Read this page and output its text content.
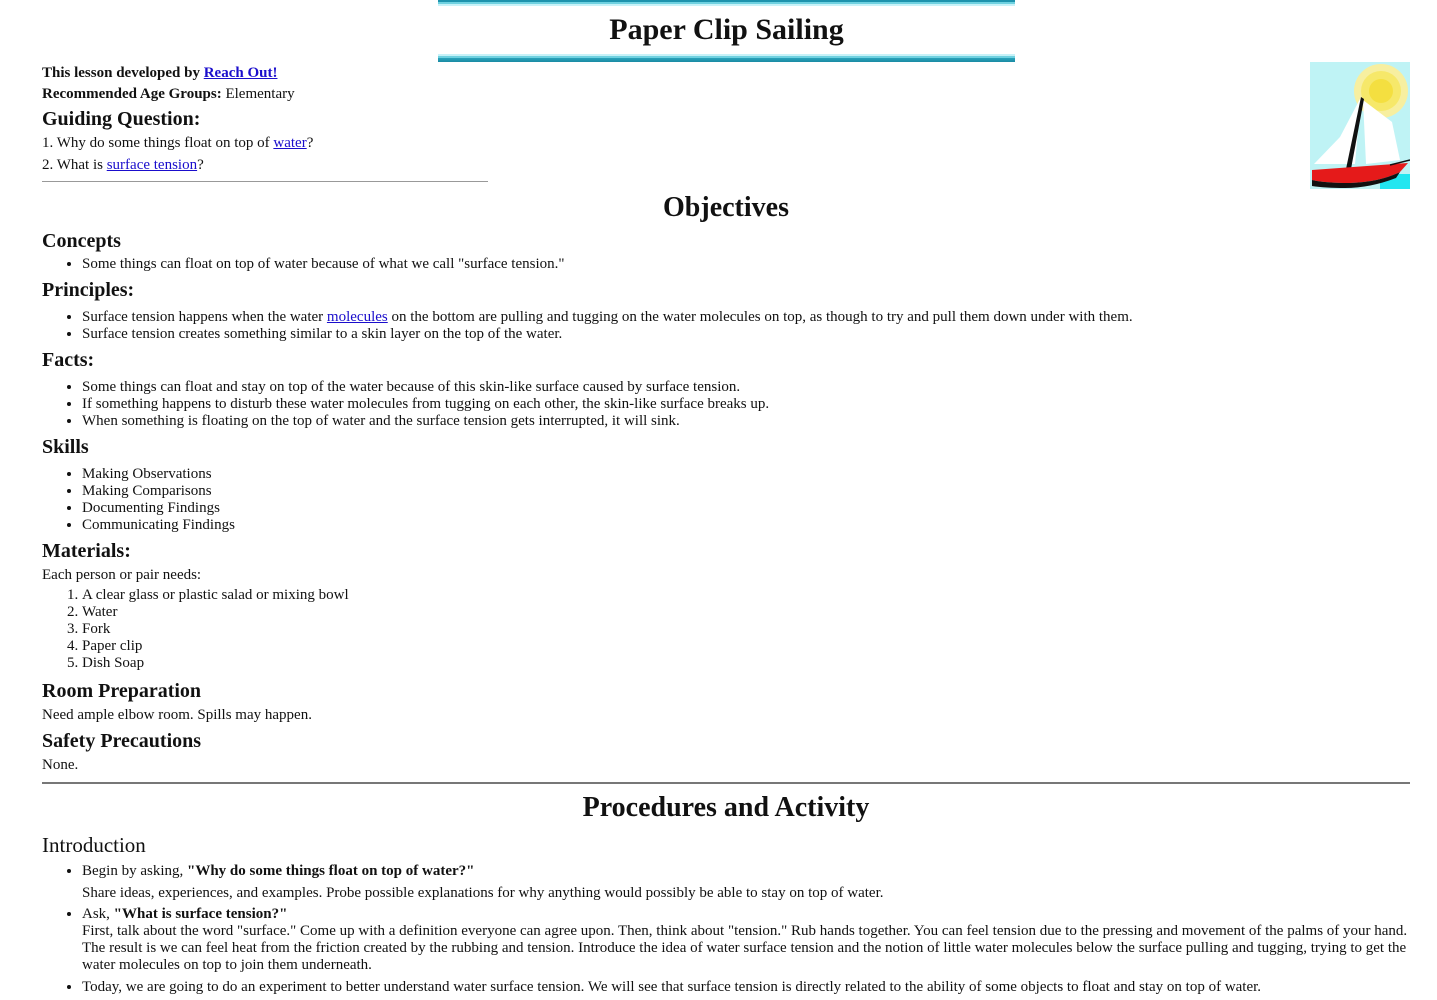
Paper Clip Sailing

This lesson developed by Reach Out!

Recommended Age Groups: Elementary

Guiding Question:

1. Why do some things float on top of water?

2. What is surface tension?

Objectives
Concepts
• Some things can float on top of water because of what we call "surface tension."
Principles:
• Surface tension happens when the water molecules on the bottom are pulling and tugging on the water molecules on top, as though to try and pull them down under with them.
• Surface tension creates something similar to a skin layer on the top of the water.
Facts:
• Some things can float and stay on top of the water because of this skin-like surface caused by surface tension.
• If something happens to disturb these water molecules from tugging on each other, the skin-like surface breaks up.
• When something is floating on the top of water and the surface tension gets interrupted, it will sink.
Skills
• Making Observations
• Making Comparisons
• Documenting Findings
• Communicating Findings
Materials:

Each person or pair needs:

1. A clear glass or plastic salad or mixing bowl
2. Water
3. Fork
4. Paper clip
5. Dish Soap
Room Preparation

Need ample elbow room. Spills may happen.

Safety Precautions

None.

Procedures and Activity
Introduction
• Begin by asking, "Why do some things float on top of water?"
Share ideas, experiences, and examples. Probe possible explanations for why anything would possibly be able to stay on top of water.
• Ask, "What is surface tension?"
First, talk about the word "surface." Come up with a definition everyone can agree upon. Then, think about "tension." Rub hands together. You can feel tension due to the pressing and movement of the palms of your hand. The result is we can feel heat from the friction created by the rubbing and tension. Introduce the idea of water surface tension and the notion of little water molecules below the surface pulling and tugging, trying to get the water molecules on top to join them underneath.
• Today, we are going to do an experiment to better understand water surface tension. We will see that surface tension is directly related to the ability of some objects to float and stay on top of water.
